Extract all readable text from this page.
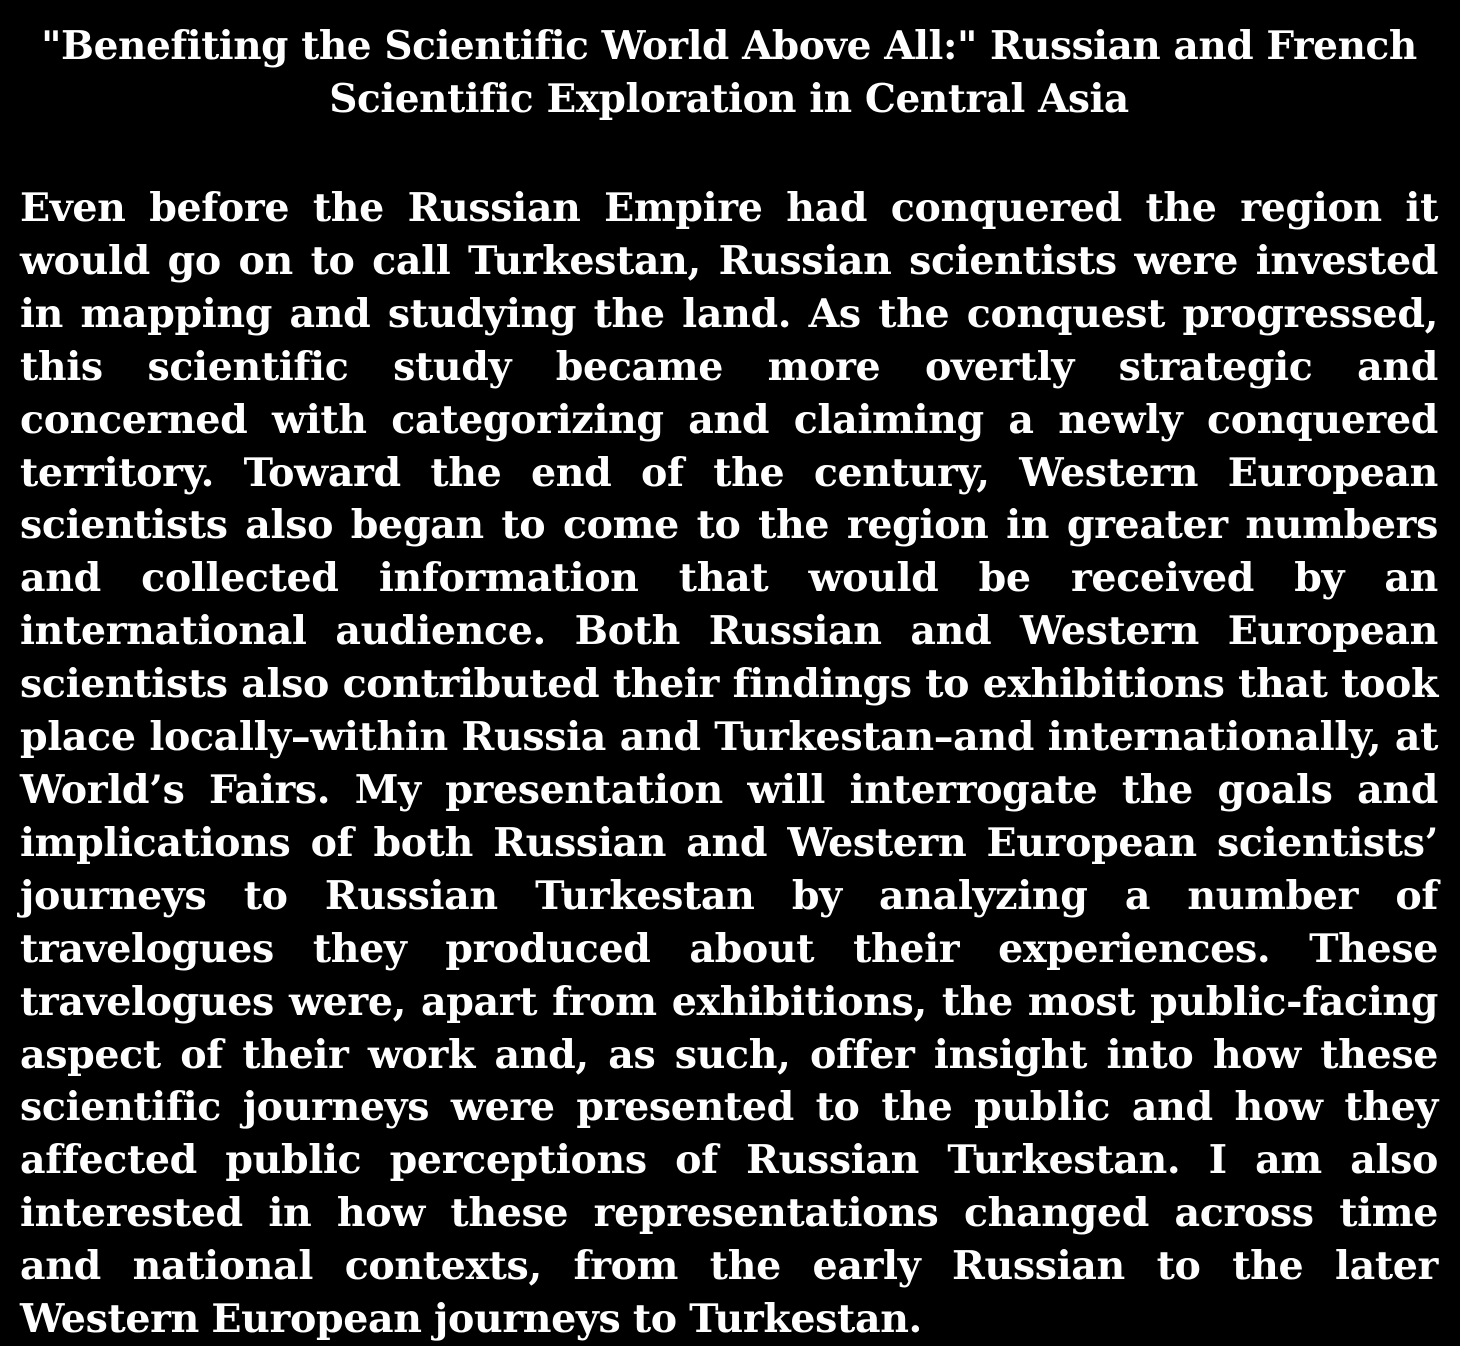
"Benefiting the Scientific World Above All:" Russian and French Scientific Exploration in Central Asia

Even before the Russian Empire had conquered the region it would go on to call Turkestan, Russian scientists were invested in mapping and studying the land. As the conquest progressed, this scientific study became more overtly strategic and concerned with categorizing and claiming a newly conquered territory. Toward the end of the century, Western European scientists also began to come to the region in greater numbers and collected information that would be received by an international audience. Both Russian and Western European scientists also contributed their findings to exhibitions that took place locally–within Russia and Turkestan–and internationally, at World’s Fairs. My presentation will interrogate the goals and implications of both Russian and Western European scientists’ journeys to Russian Turkestan by analyzing a number of travelogues they produced about their experiences. These travelogues were, apart from exhibitions, the most public-facing aspect of their work and, as such, offer insight into how these scientific journeys were presented to the public and how they affected public perceptions of Russian Turkestan. I am also interested in how these representations changed across time and national contexts, from the early Russian to the later Western European journeys to Turkestan.
